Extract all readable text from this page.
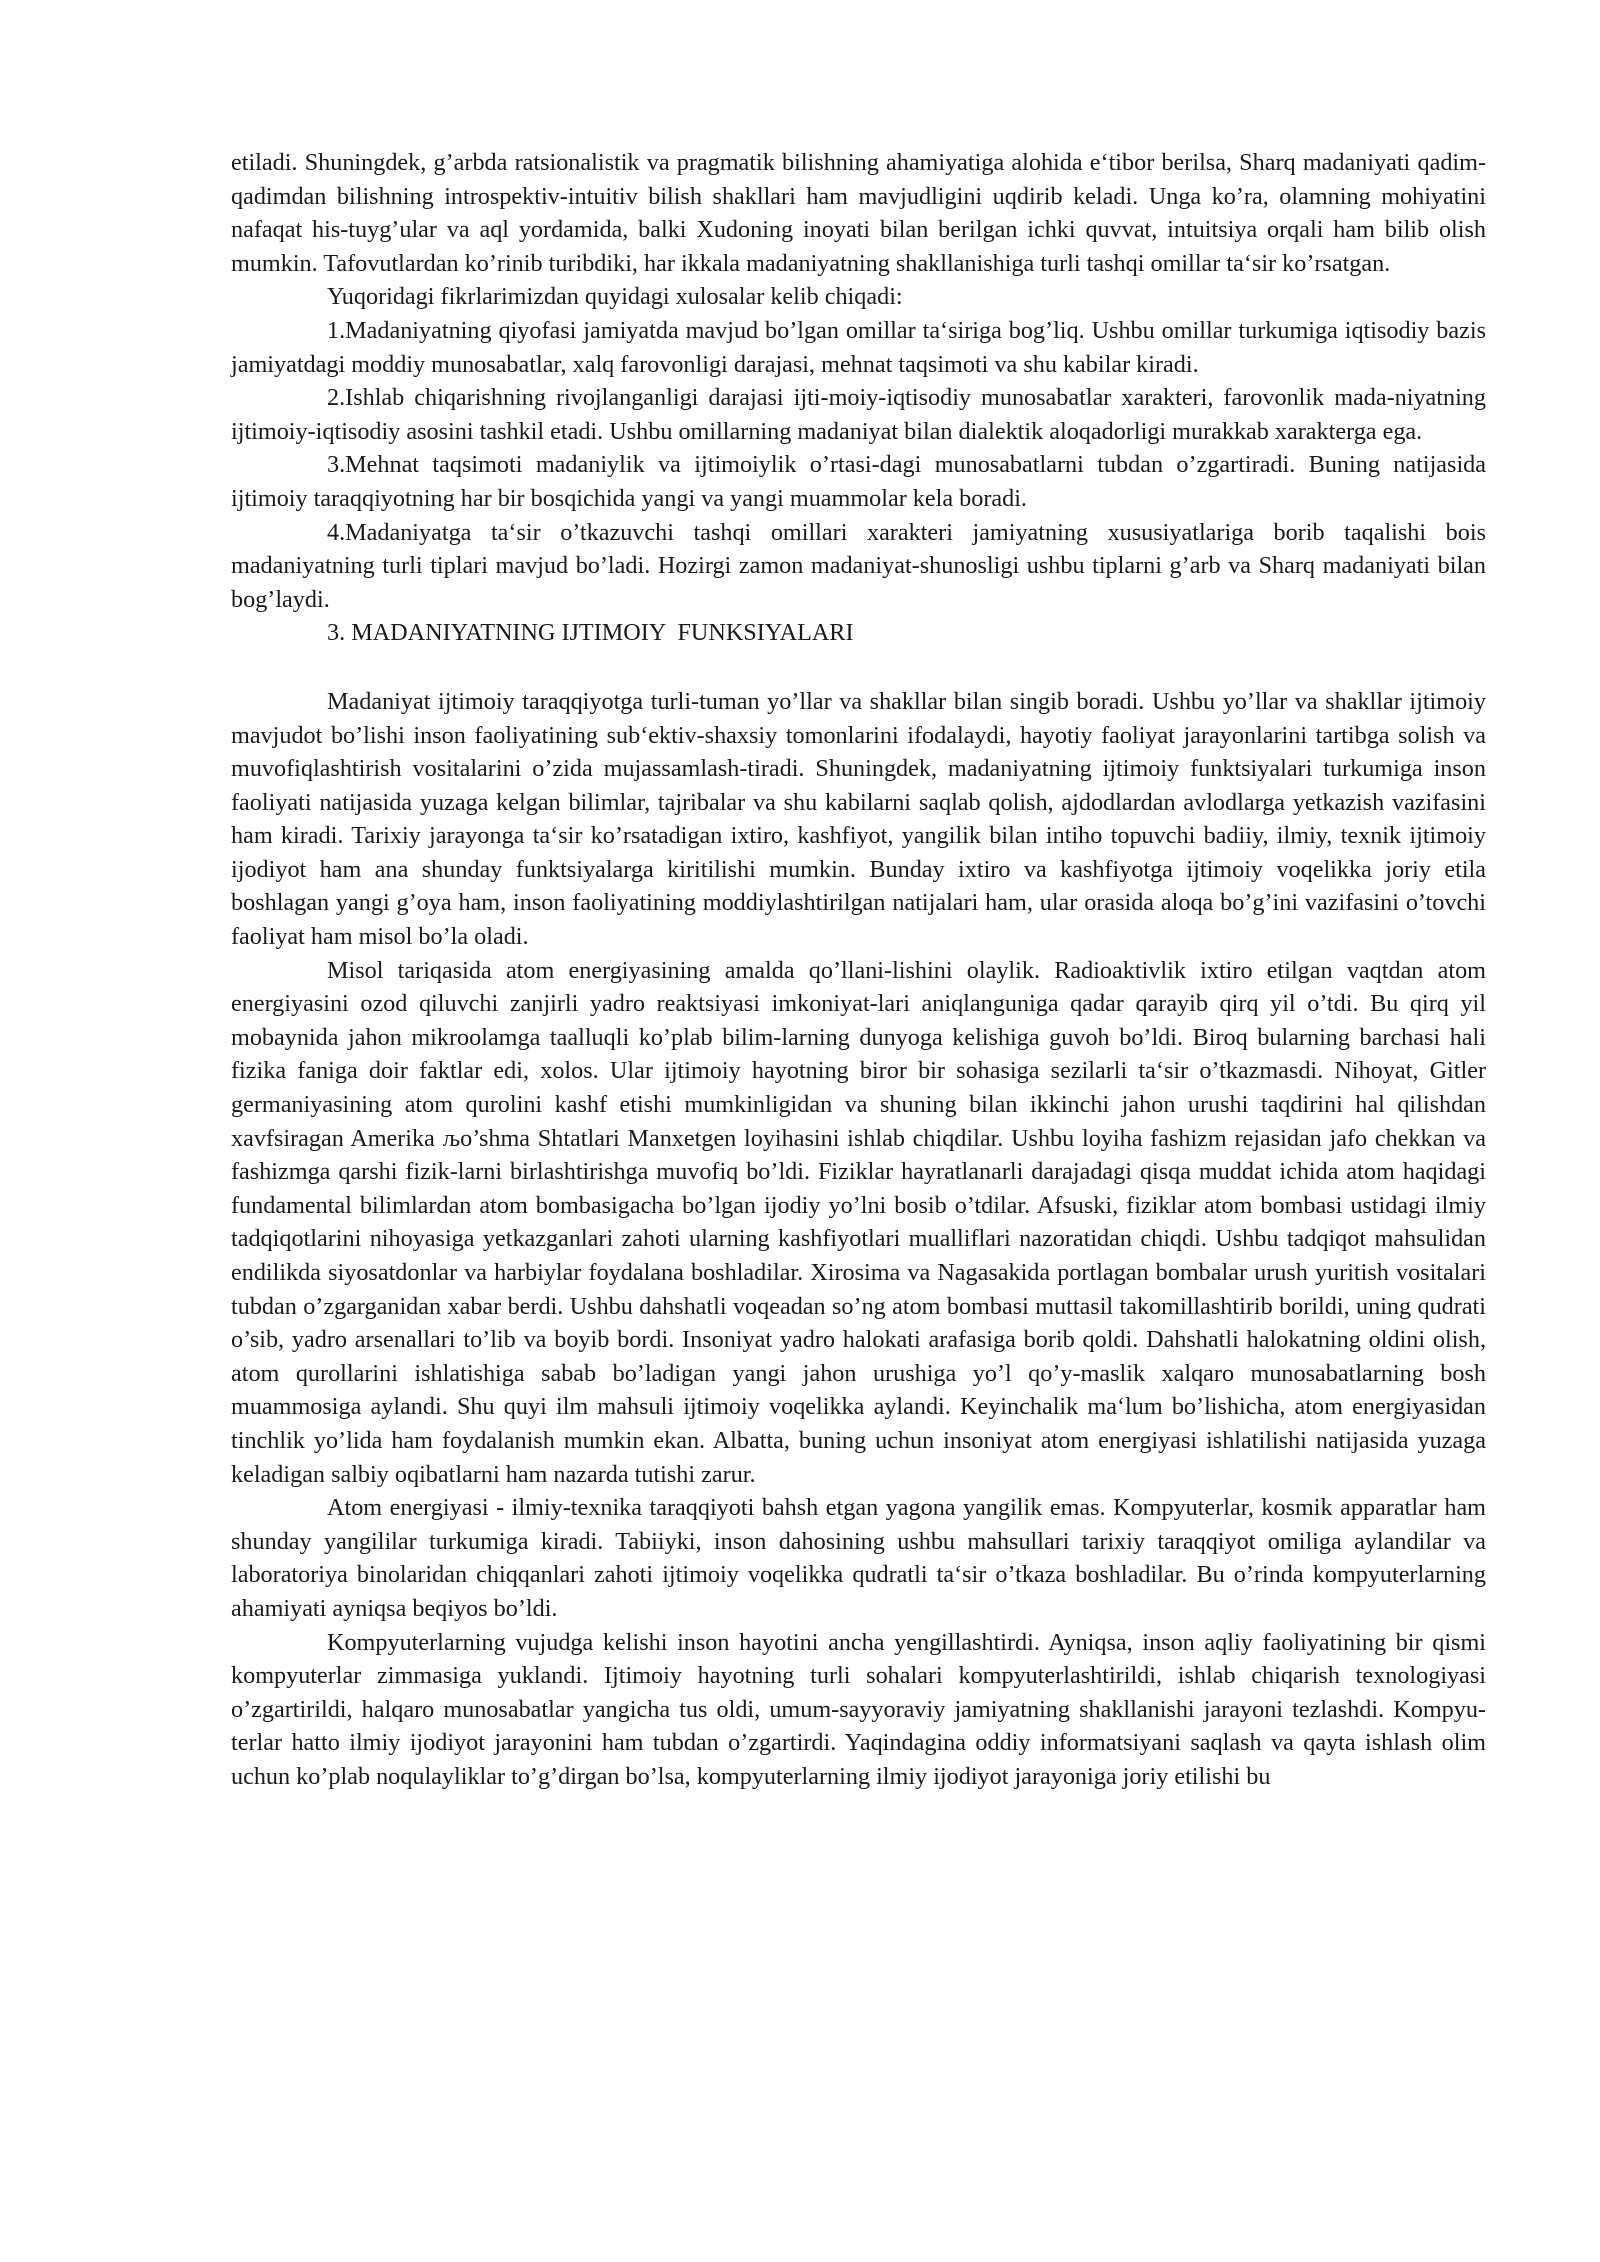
etiladi. Shuningdek, g’arbda ratsionalistik va pragmatik bilishning ahamiyatiga alohida e‘tibor berilsa, Sharq madaniyati qadim-qadimdan bilishning introspektiv-intuitiv bilish shakllari ham mavjudligini uqdirib keladi. Unga ko’ra, olamning mohiyatini nafaqat his-tuyg’ular va aql yordamida, balki Xudoning inoyati bilan berilgan ichki quvvat, intuitsiya orqali ham bilib olish mumkin. Tafovutlardan ko’rinib turibdiki, har ikkala madaniyatning shakllanishiga turli tashqi omillar ta‘sir ko’rsatgan.

Yuqoridagi fikrlarimizdan quyidagi xulosalar kelib chiqadi:

1.Madaniyatning qiyofasi jamiyatda mavjud bo’lgan omillar ta‘siriga bog’liq. Ushbu omillar turkumiga iqtisodiy bazis jamiyatdagi moddiy munosabatlar, xalq farovonligi darajasi, mehnat taqsimoti va shu kabilar kiradi.

2.Ishlab chiqarishning rivojlanganligi darajasi ijti-moiy-iqtisodiy munosabatlar xarakteri, farovonlik mada-niyatning ijtimoiy-iqtisodiy asosini tashkil etadi. Ushbu omillarning madaniyat bilan dialektik aloqadorligi murakkab xarakterga ega.

3.Mehnat taqsimoti madaniylik va ijtimoiylik o’rtasi-dagi munosabatlarni tubdan o’zgartiradi. Buning natijasida ijtimoiy taraqqiyotning har bir bosqichida yangi va yangi muammolar kela boradi.

4.Madaniyatga ta‘sir o’tkazuvchi tashqi omillari xarakteri jamiyatning xususiyatlariga borib taqalishi bois madaniyatning turli tiplari mavjud bo’ladi. Hozirgi zamon madaniyat-shunosligi ushbu tiplarni g’arb va Sharq madaniyati bilan bog’laydi.

3. MADANIYATNING IJTIMOIY  FUNKSIYALARI

Madaniyat ijtimoiy taraqqiyotga turli-tuman yo’llar va shakllar bilan singib boradi. Ushbu yo’llar va shakllar ijtimoiy mavjudot bo’lishi inson faoliyatining sub‘ektiv-shaxsiy tomonlarini ifodalaydi, hayotiy faoliyat jarayonlarini tartibga solish va muvofiqlashtirish vositalarini o’zida mujassamlash-tiradi. Shuningdek, madaniyatning ijtimoiy funktsiyalari turkumiga inson faoliyati natijasida yuzaga kelgan bilimlar, tajribalar va shu kabilarni saqlab qolish, ajdodlardan avlodlarga yetkazish vazifasini ham kiradi. Tarixiy jarayonga ta‘sir ko’rsatadigan ixtiro, kashfiyot, yangilik bilan intiho topuvchi badiiy, ilmiy, texnik ijtimoiy ijodiyot ham ana shunday funktsiyalarga kiritilishi mumkin. Bunday ixtiro va kashfiyotga ijtimoiy voqelikka joriy etila boshlagan yangi g’oya ham, inson faoliyatining moddiylashtirilgan natijalari ham, ular orasida aloqa bo’g’ini vazifasini o’tovchi faoliyat ham misol bo’la oladi.

Misol tariqasida atom energiyasining amalda qo’llani-lishini olaylik. Radioaktivlik ixtiro etilgan vaqtdan atom energiyasini ozod qiluvchi zanjirli yadro reaktsiyasi imkoniyat-lari aniqlanguniga qadar qarayib qirq yil o’tdi. Bu qirq yil mobaynida jahon mikroolamga taalluqli ko’plab bilim-larning dunyoga kelishiga guvoh bo’ldi. Biroq bularning barchasi hali fizika faniga doir faktlar edi, xolos. Ular ijtimoiy hayotning biror bir sohasiga sezilarli ta‘sir o’tkazmasdi. Nihoyat, Gitler germaniyasining atom qurolini kashf etishi mumkinligidan va shuning bilan ikkinchi jahon urushi taqdirini hal qilishdan xavfsiragan Amerika љo’shma Shtatlari Manxetgen loyihasini ishlab chiqdilar. Ushbu loyiha fashizm rejasidan jafo chekkan va fashizmga qarshi fizik-larni birlashtirishga muvofiq bo’ldi. Fiziklar hayratlanarli darajadagi qisqa muddat ichida atom haqidagi fundamental bilimlardan atom bombasigacha bo’lgan ijodiy yo’lni bosib o’tdilar. Afsuski, fiziklar atom bombasi ustidagi ilmiy tadqiqotlarini nihoyasiga yetkazganlari zahoti ularning kashfiyotlari mualliflari nazoratidan chiqdi. Ushbu tadqiqot mahsulidan endilikda siyosatdonlar va harbiylar foydalana boshladilar. Xirosima va Nagasakida portlagan bombalar urush yuritish vositalari tubdan o’zgarganidan xabar berdi. Ushbu dahshatli voqeadan so’ng atom bombasi muttasil takomillashtirib borildi, uning qudrati o’sib, yadro arsenallari to’lib va boyib bordi. Insoniyat yadro halokati arafasiga borib qoldi. Dahshatli halokatning oldini olish, atom qurollarini ishlatishiga sabab bo’ladigan yangi jahon urushiga yo’l qo’y-maslik xalqaro munosabatlarning bosh muammosiga aylandi. Shu quyi ilm mahsuli ijtimoiy voqelikka aylandi. Keyinchalik ma‘lum bo’lishicha, atom energiyasidan tinchlik yo’lida ham foydalanish mumkin ekan. Albatta, buning uchun insoniyat atom energiyasi ishlatilishi natijasida yuzaga keladigan salbiy oqibatlarni ham nazarda tutishi zarur.

Atom energiyasi - ilmiy-texnika taraqqiyoti bahsh etgan yagona yangilik emas. Kompyuterlar, kosmik apparatlar ham shunday yangililar turkumiga kiradi. Tabiiyki, inson dahosining ushbu mahsullari tarixiy taraqqiyot omiliga aylandilar va laboratoriya binolaridan chiqqanlari zahoti ijtimoiy voqelikka qudratli ta‘sir o’tkaza boshladilar. Bu o’rinda kompyuterlarning ahamiyati ayniqsa beqiyos bo’ldi.

Kompyuterlarning vujudga kelishi inson hayotini ancha yengillashtirdi. Ayniqsa, inson aqliy faoliyatining bir qismi kompyuterlar zimmasiga yuklandi. Ijtimoiy hayotning turli sohalari kompyuterlashtirildi, ishlab chiqarish texnologiyasi o’zgartirildi, halqaro munosabatlar yangicha tus oldi, umum-sayyoraviy jamiyatning shakllanishi jarayoni tezlashdi. Kompyu-terlar hatto ilmiy ijodiyot jarayonini ham tubdan o’zgartirdi. Yaqindagina oddiy informatsiyani saqlash va qayta ishlash olim uchun ko’plab noqulayliklar to’g’dirgan bo’lsa, kompyuterlarning ilmiy ijodiyot jarayoniga joriy etilishi bu
